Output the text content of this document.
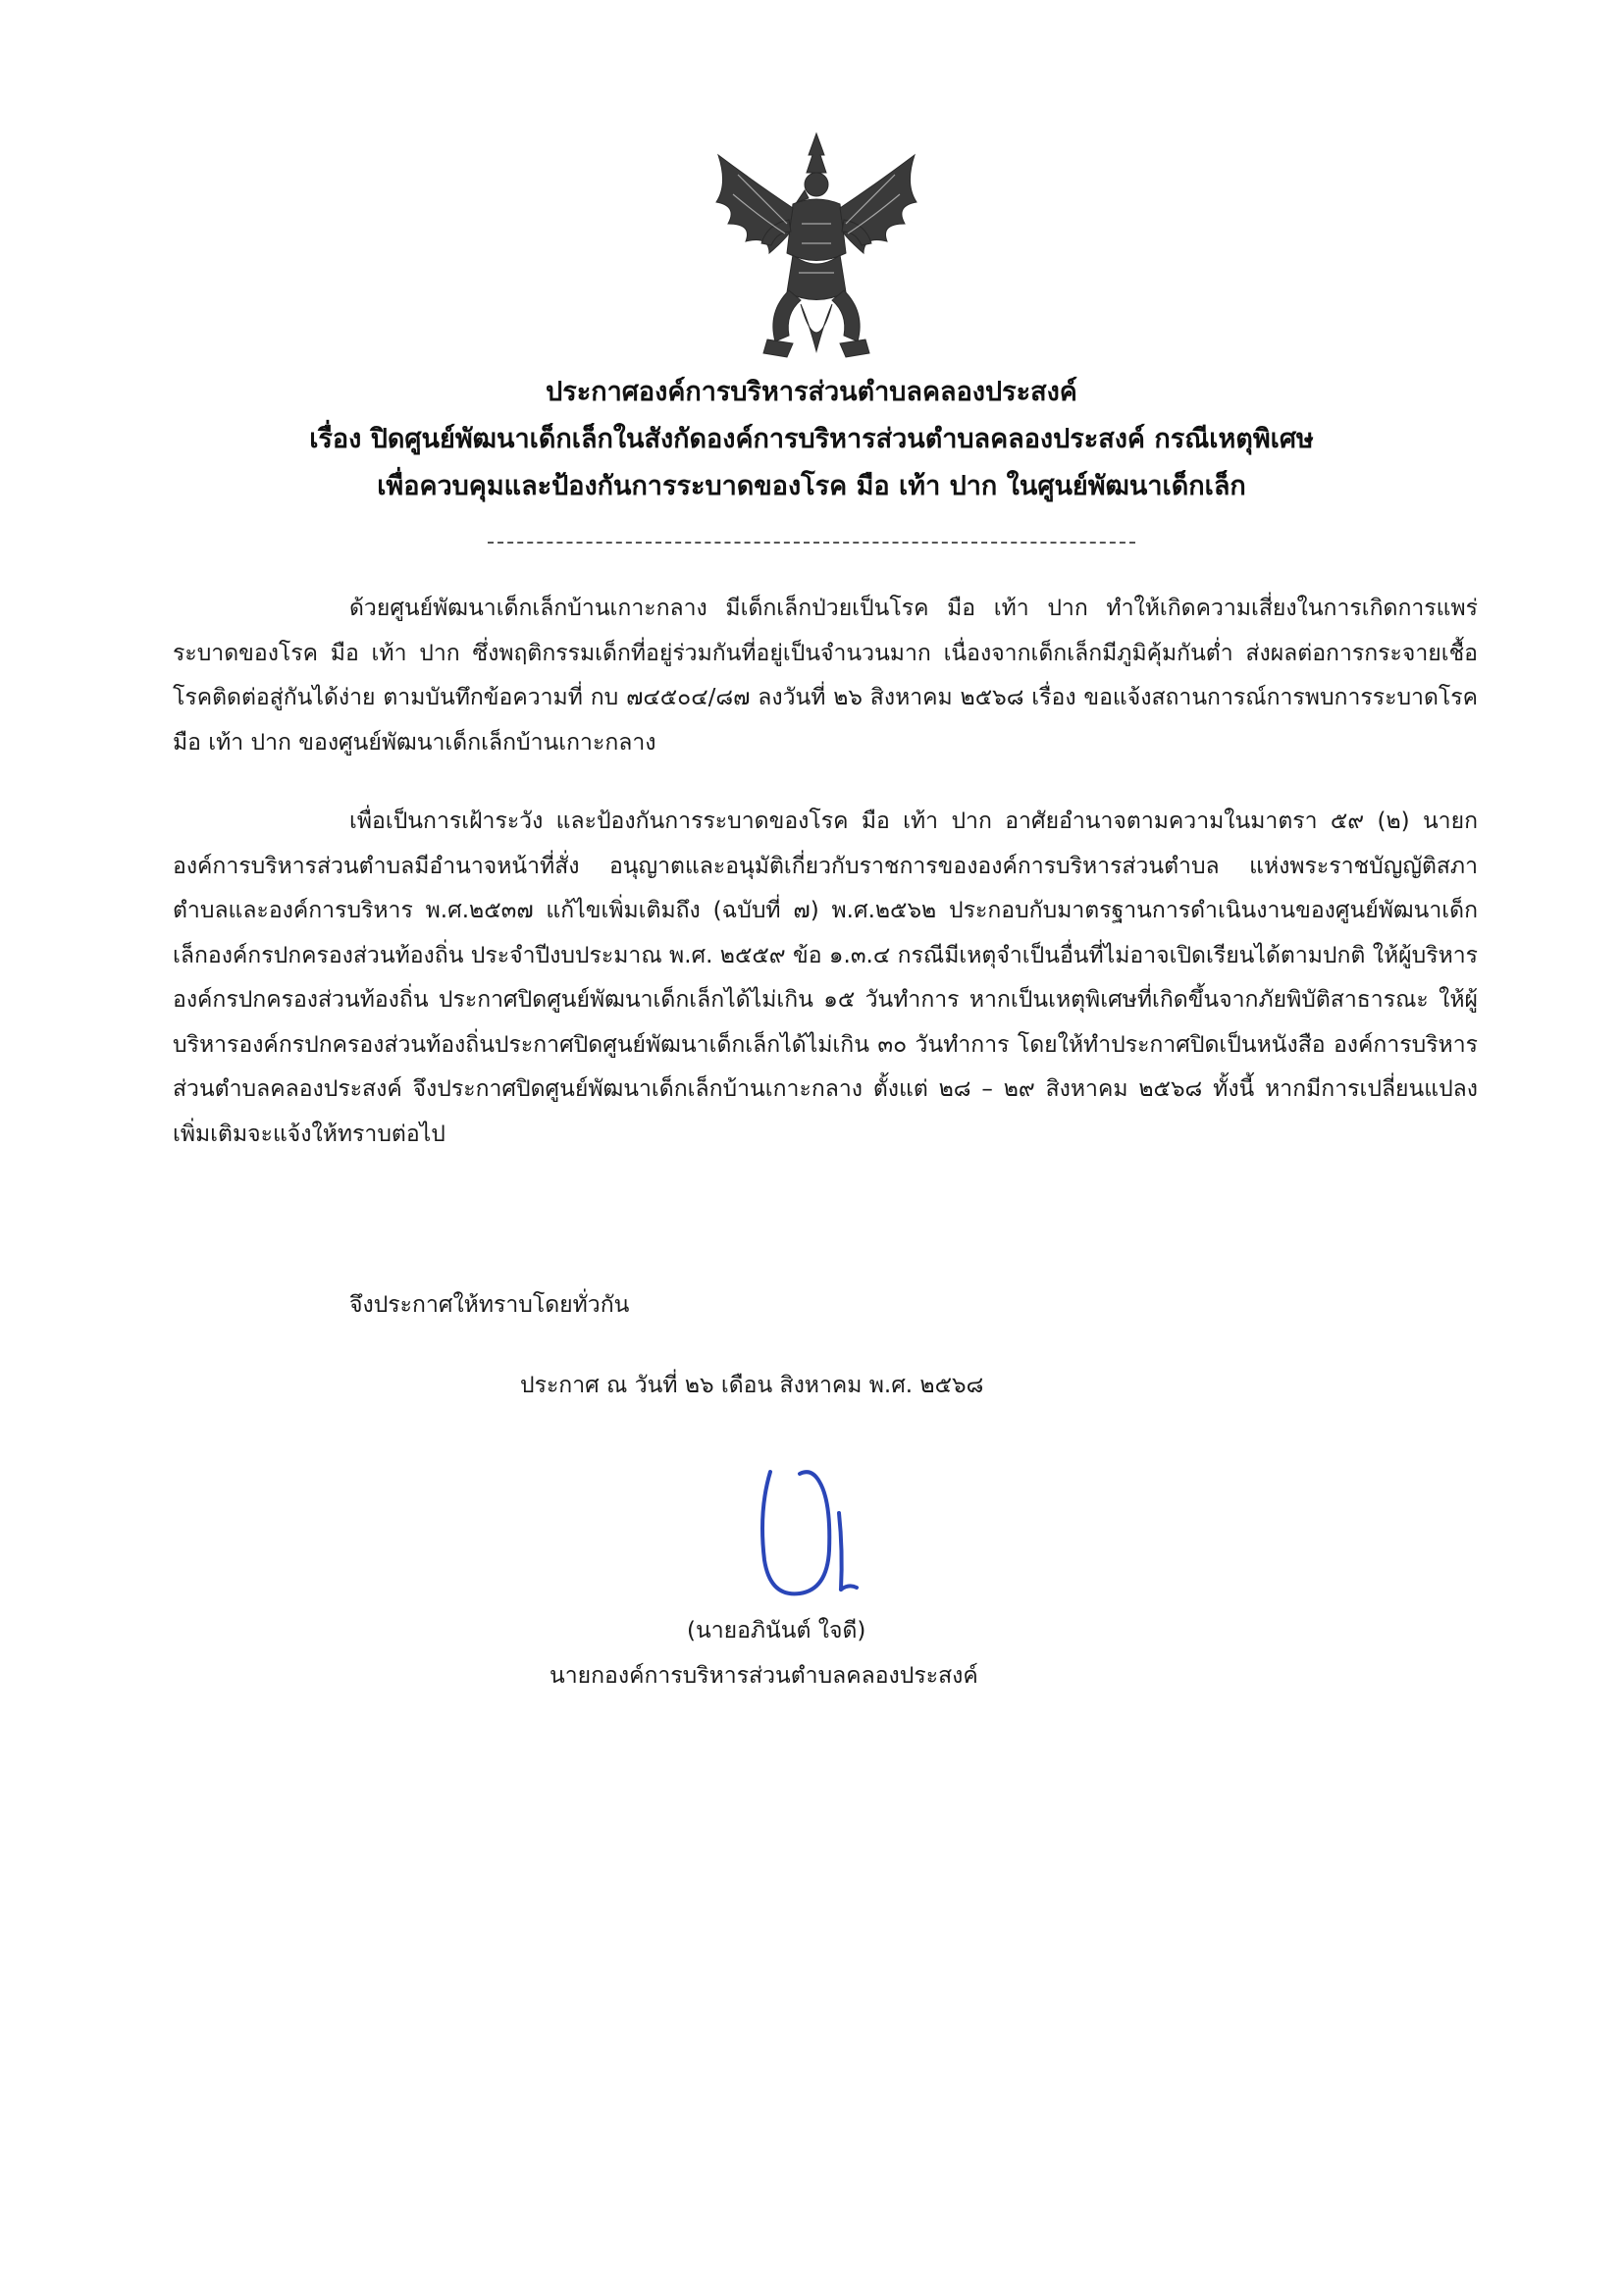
ประกาศองค์การบริหารส่วนตำบลคลองประสงค์
เรื่อง ปิดศูนย์พัฒนาเด็กเล็กในสังกัดองค์การบริหารส่วนตำบลคลองประสงค์ กรณีเหตุพิเศษ
เพื่อควบคุมและป้องกันการระบาดของโรค มือ เท้า ปาก ในศูนย์พัฒนาเด็กเล็ก
ด้วยศูนย์พัฒนาเด็กเล็กบ้านเกาะกลาง มีเด็กเล็กป่วยเป็นโรค มือ เท้า ปาก ทำให้เกิดความเสี่ยงในการเกิดการแพร่ระบาดของโรค มือ เท้า ปาก ซึ่งพฤติกรรมเด็กที่อยู่ร่วมกันที่อยู่เป็นจำนวนมาก เนื่องจากเด็กเล็กมีภูมิคุ้มกันต่ำ ส่งผลต่อการกระจายเชื้อโรคติดต่อสู่กันได้ง่าย ตามบันทึกข้อความที่ กบ ๗๔๕๐๔/๘๗ ลงวันที่ ๒๖ สิงหาคม ๒๕๖๘ เรื่อง ขอแจ้งสถานการณ์การพบการระบาดโรค มือ เท้า ปาก ของศูนย์พัฒนาเด็กเล็กบ้านเกาะกลาง
เพื่อเป็นการเฝ้าระวัง และป้องกันการระบาดของโรค มือ เท้า ปาก อาศัยอำนาจตามความในมาตรา ๕๙ (๒) นายกองค์การบริหารส่วนตำบลมีอำนาจหน้าที่สั่ง อนุญาตและอนุมัติเกี่ยวกับราชการขององค์การบริหารส่วนตำบล แห่งพระราชบัญญัติสภาตำบลและองค์การบริหาร พ.ศ.๒๕๓๗ แก้ไขเพิ่มเติมถึง (ฉบับที่ ๗) พ.ศ.๒๕๖๒ ประกอบกับมาตรฐานการดำเนินงานของศูนย์พัฒนาเด็กเล็กองค์กรปกครองส่วนท้องถิ่น ประจำปีงบประมาณ พ.ศ. ๒๕๕๙ ข้อ ๑.๓.๔ กรณีมีเหตุจำเป็นอื่นที่ไม่อาจเปิดเรียนได้ตามปกติ ให้ผู้บริหารองค์กรปกครองส่วนท้องถิ่น ประกาศปิดศูนย์พัฒนาเด็กเล็กได้ไม่เกิน ๑๕ วันทำการ หากเป็นเหตุพิเศษที่เกิดขึ้นจากภัยพิบัติสาธารณะ ให้ผู้บริหารองค์กรปกครองส่วนท้องถิ่นประกาศปิดศูนย์พัฒนาเด็กเล็กได้ไม่เกิน ๓๐ วันทำการ โดยให้ทำประกาศปิดเป็นหนังสือ องค์การบริหารส่วนตำบลคลองประสงค์ จึงประกาศปิดศูนย์พัฒนาเด็กเล็กบ้านเกาะกลาง ตั้งแต่ ๒๘ – ๒๙ สิงหาคม ๒๕๖๘ ทั้งนี้ หากมีการเปลี่ยนแปลงเพิ่มเติมจะแจ้งให้ทราบต่อไป
จึงประกาศให้ทราบโดยทั่วกัน
ประกาศ ณ วันที่ ๒๖ เดือน สิงหาคม พ.ศ. ๒๕๖๘
(นายอภินันต์ ใจดี)
นายกองค์การบริหารส่วนตำบลคลองประสงค์
